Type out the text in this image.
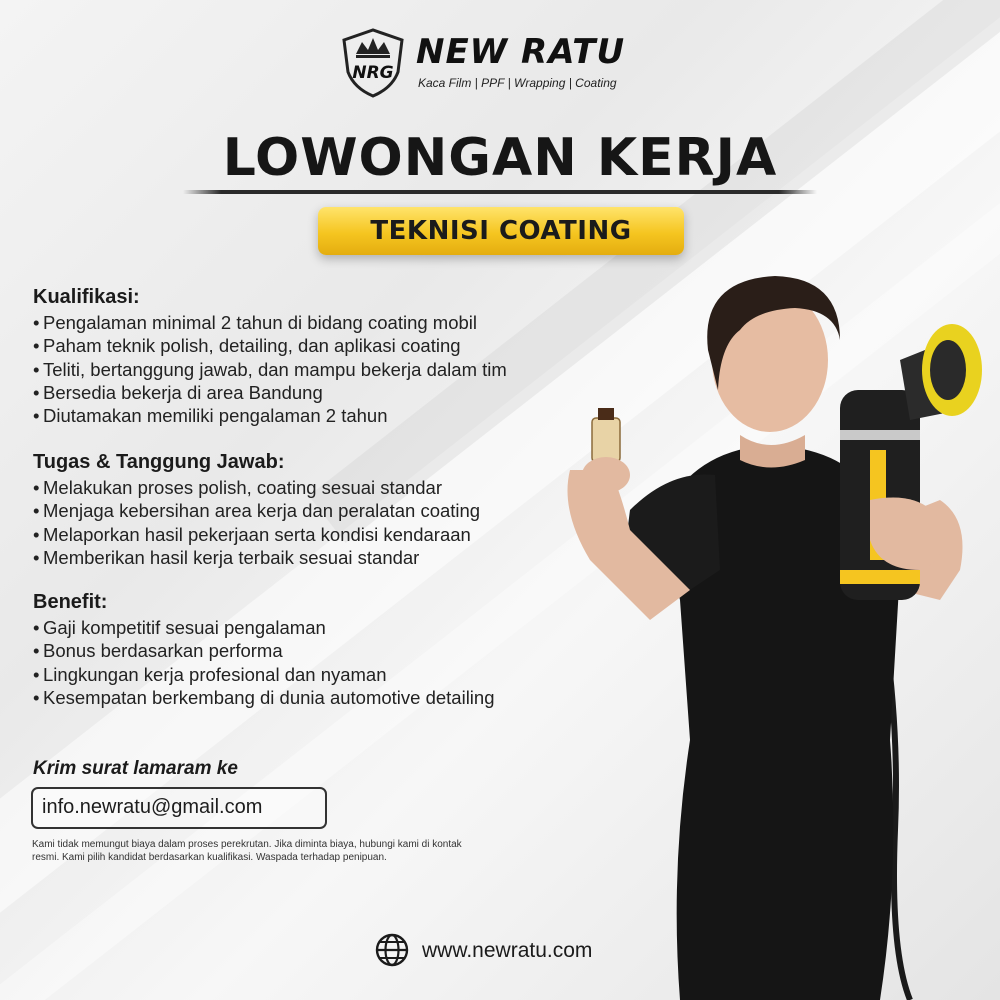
NRG
NEW RATU
Kaca Film | PPF | Wrapping | Coating
LOWONGAN KERJA
TEKNISI COATING
Kualifikasi:
• Pengalaman minimal 2 tahun di bidang coating mobil
• Paham teknik polish, detailing, dan aplikasi coating
• Teliti, bertanggung jawab, dan mampu bekerja dalam tim
• Bersedia bekerja di area Bandung
• Diutamakan memiliki pengalaman 2 tahun
Tugas & Tanggung Jawab:
• Melakukan proses polish, coating sesuai standar
• Menjaga kebersihan area kerja dan peralatan coating
• Melaporkan hasil pekerjaan serta kondisi kendaraan
• Memberikan hasil kerja terbaik sesuai standar
Benefit:
• Gaji kompetitif sesuai pengalaman
• Bonus berdasarkan performa
• Lingkungan kerja profesional dan nyaman
• Kesempatan berkembang di dunia automotive detailing
Krim surat lamaram ke
info.newratu@gmail.com
Kami tidak memungut biaya dalam proses perekrutan. Jika diminta biaya, hubungi kami di kontak resmi. Kami pilih kandidat berdasarkan kualifikasi. Waspada terhadap penipuan.
www.newratu.com
